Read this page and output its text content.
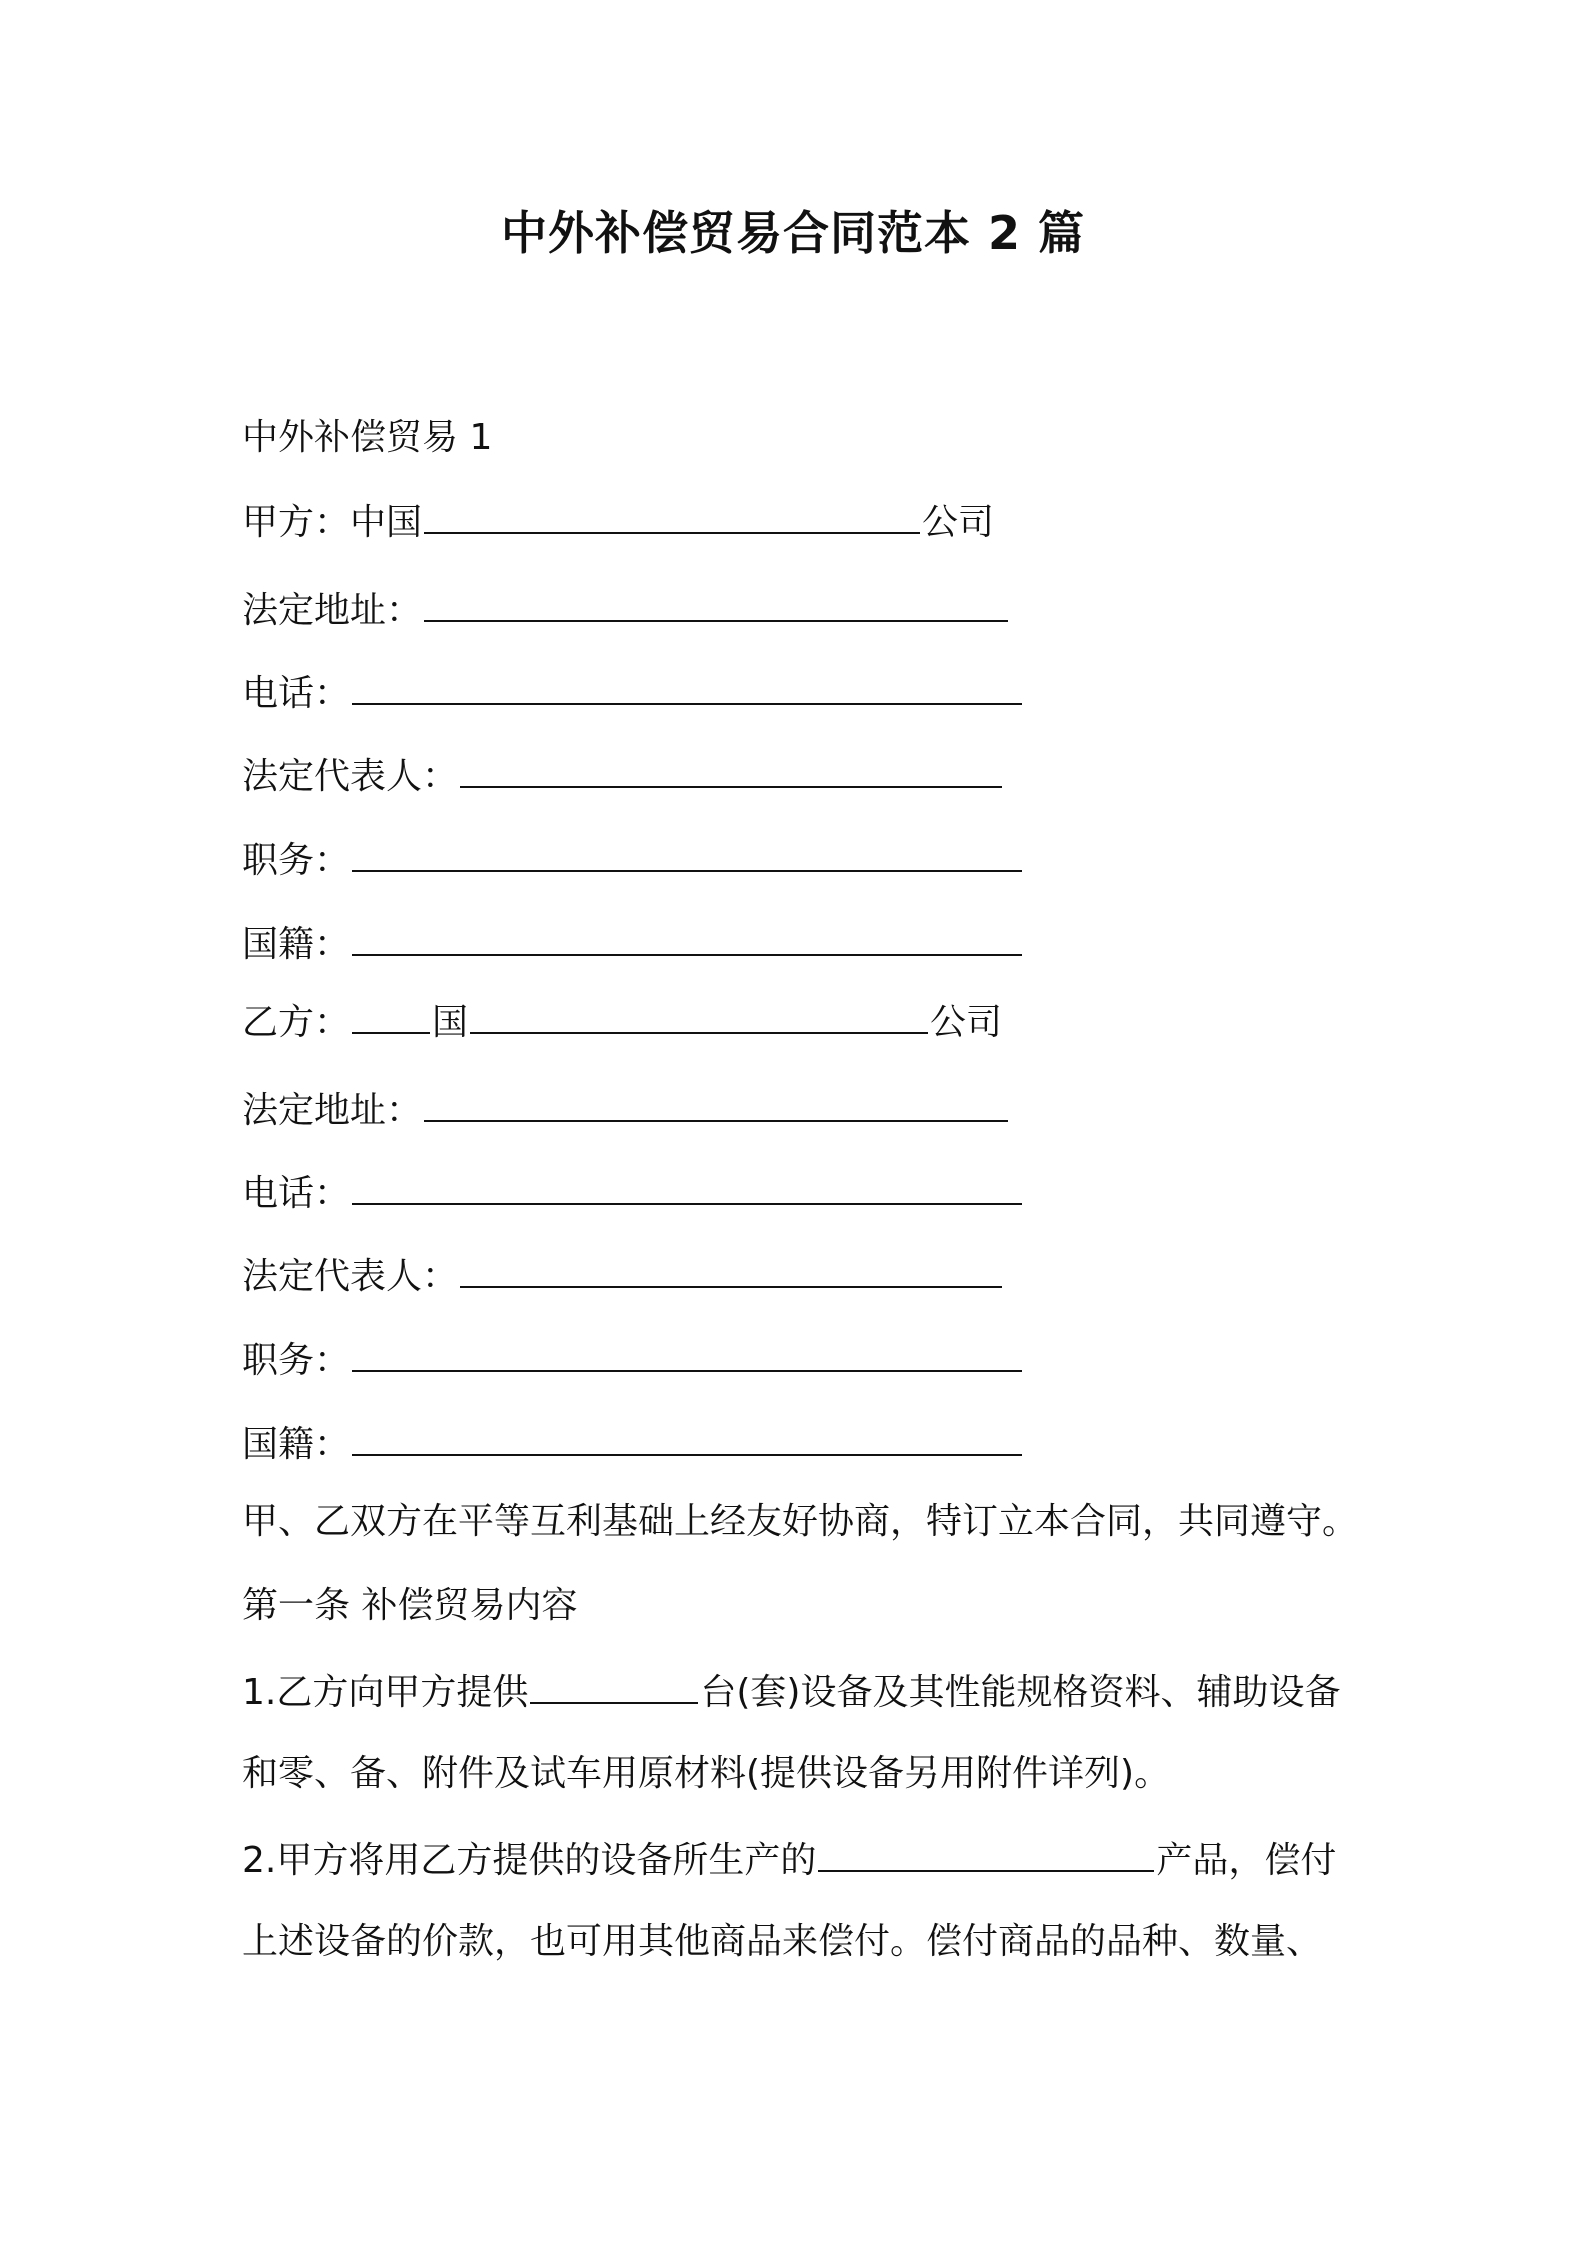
中外补偿贸易合同范本 2 篇
中外补偿贸易 1
甲方：中国	公司
法定地址：
电话：
法定代表人：
职务：
国籍：
乙方： 国	公司
法定地址：
电话：
法定代表人：
职务：
国籍：
甲、乙双方在平等互利基础上经友好协商，特订立本合同，共同遵守。
第一条 补偿贸易内容
1.乙方向甲方提供	台(套)设备及其性能规格资料、辅助设备
和零、备、附件及试车用原材料(提供设备另用附件详列)。
2.甲方将用乙方提供的设备所生产的	产品，偿付
上述设备的价款，也可用其他商品来偿付。偿付商品的品种、数量、
